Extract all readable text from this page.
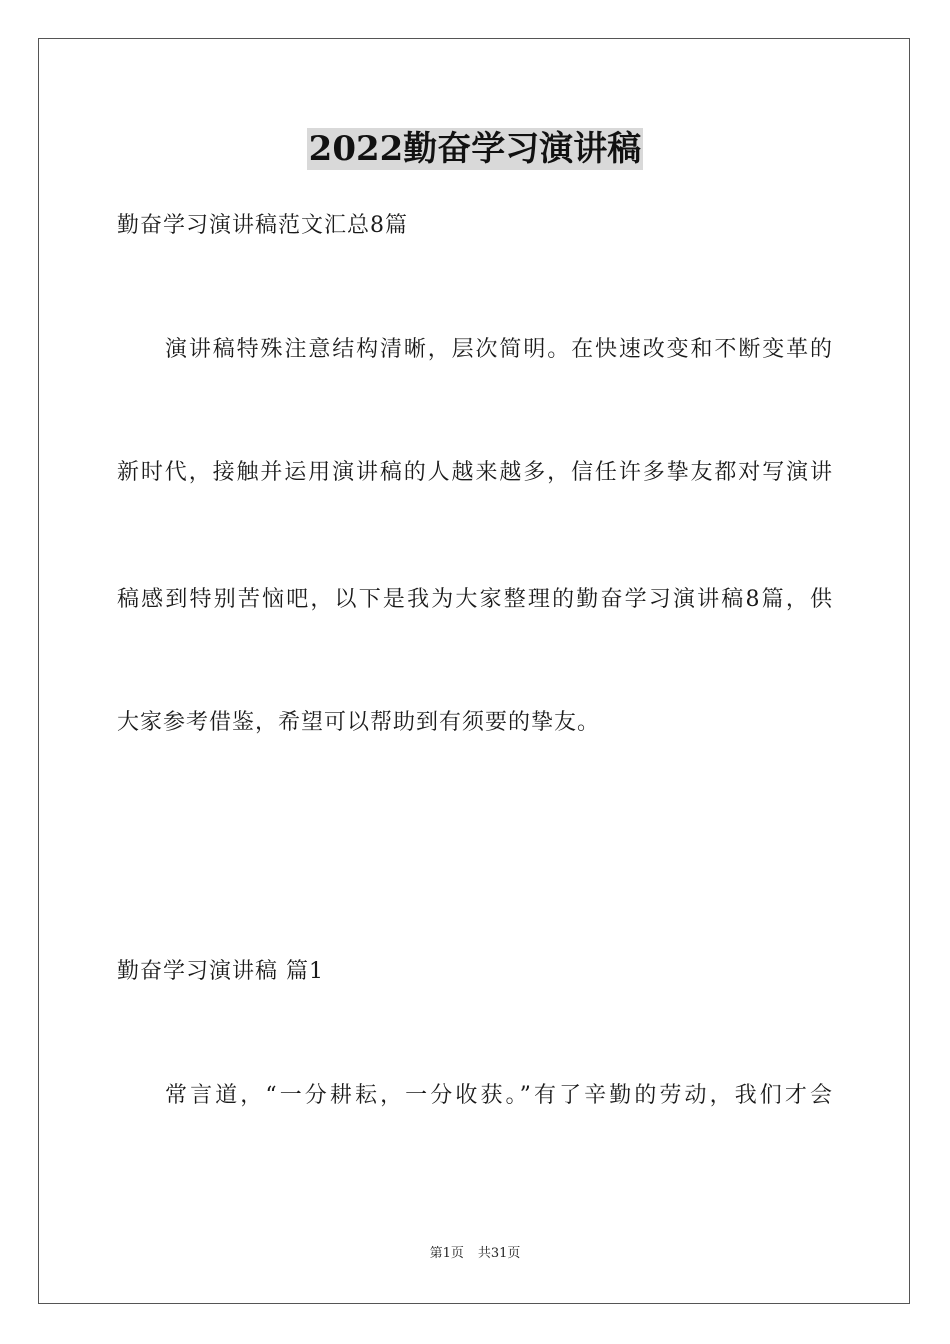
2022勤奋学习演讲稿
勤奋学习演讲稿范文汇总8篇
演讲稿特殊注意结构清晰，层次简明。在快速改变和不断变革的
新时代，接触并运用演讲稿的人越来越多，信任许多挚友都对写演讲
稿感到特别苦恼吧，以下是我为大家整理的勤奋学习演讲稿8篇，供
大家参考借鉴，希望可以帮助到有须要的挚友。
勤奋学习演讲稿 篇1
常言道，“一分耕耘，一分收获。”有了辛勤的劳动，我们才会
第1页 共31页
